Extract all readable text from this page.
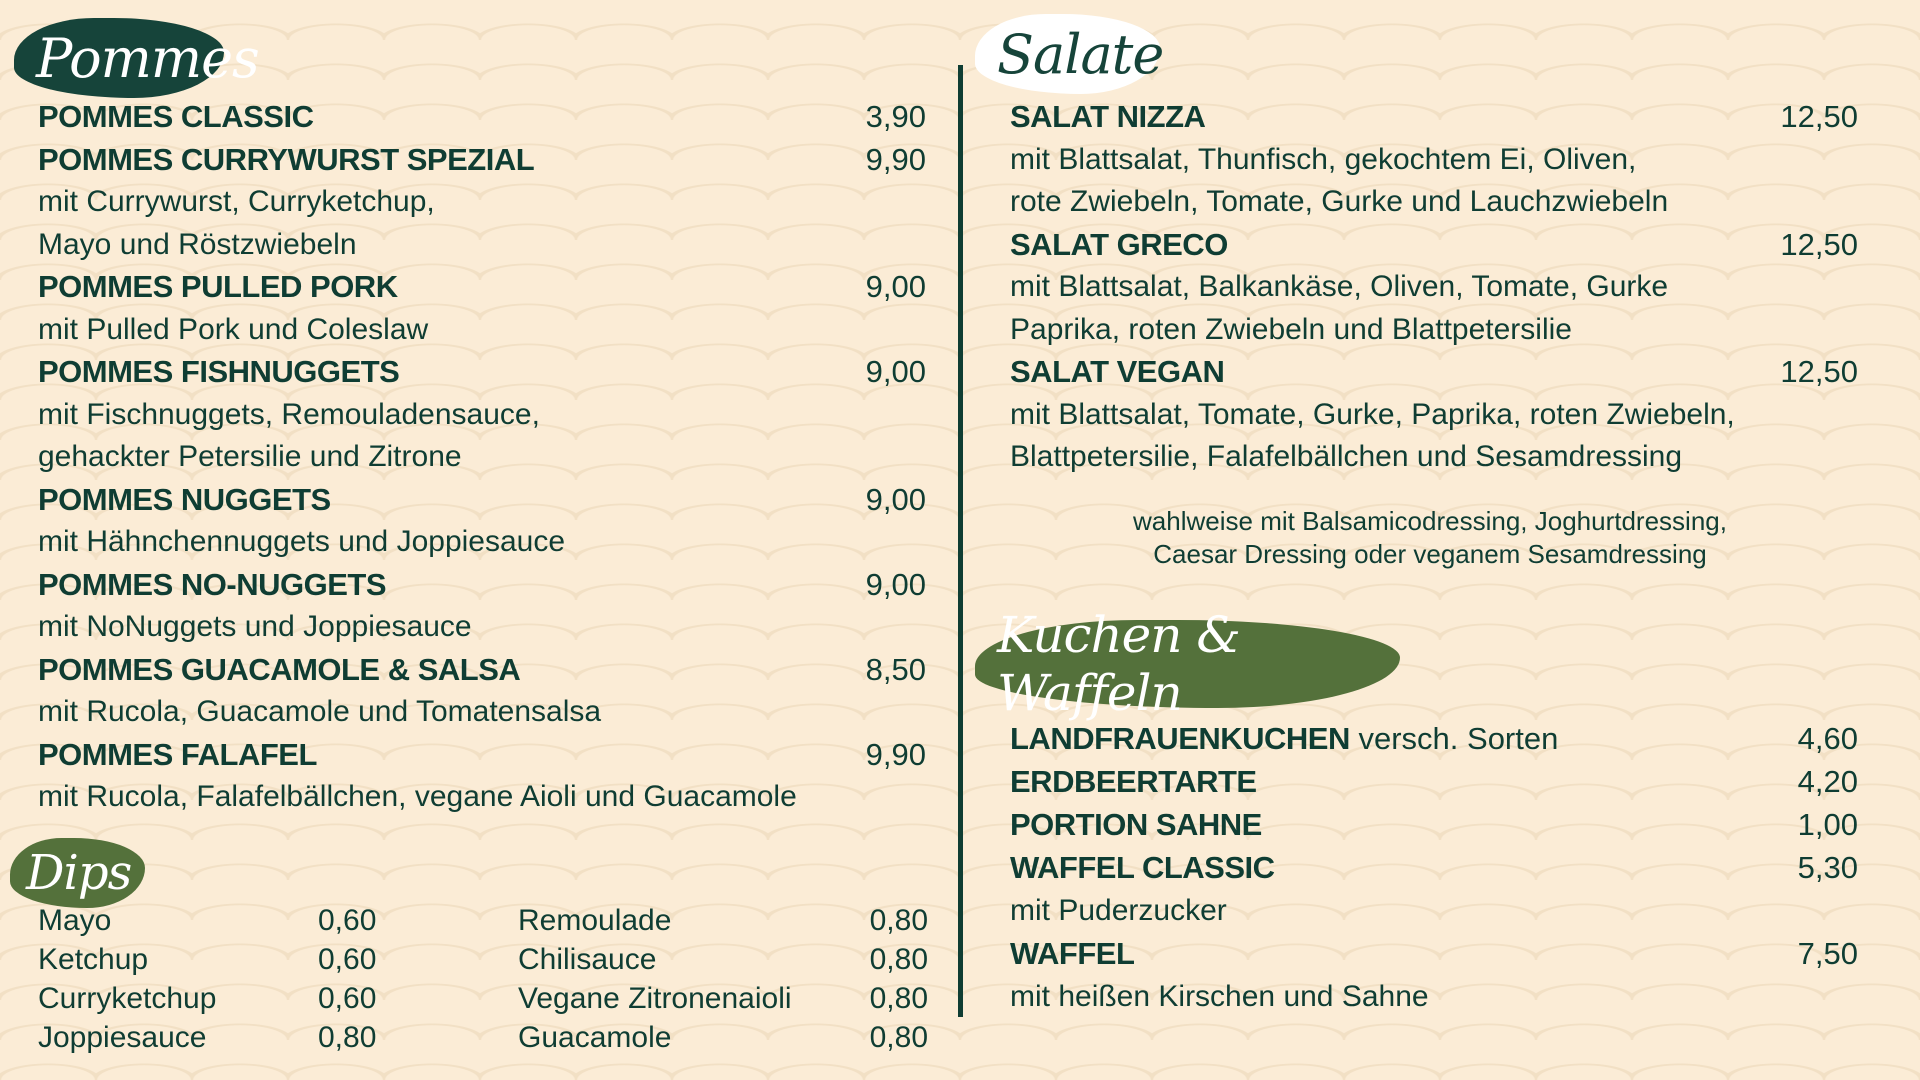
Pommes
POMMES CLASSIC	3,90
POMMES CURRYWURST SPEZIAL	9,90
mit Currywurst, Curryketchup,
Mayo und Röstzwiebeln
POMMES PULLED PORK	9,00
mit Pulled Pork und Coleslaw
POMMES FISHNUGGETS	9,00
mit Fischnuggets, Remouladensauce,
gehackter Petersilie und Zitrone
POMMES NUGGETS	9,00
mit Hähnchennuggets und Joppiesauce
POMMES NO-NUGGETS	9,00
mit NoNuggets und Joppiesauce
POMMES GUACAMOLE & SALSA	8,50
mit Rucola, Guacamole und Tomatensalsa
POMMES FALAFEL	9,90
mit Rucola, Falafelbällchen, vegane Aioli und Guacamole
Dips
Mayo	0,60	Remoulade	0,80
Ketchup	0,60	Chilisauce	0,80
Curryketchup	0,60	Vegane Zitronenaioli	0,80
Joppiesauce	0,80	Guacamole	0,80
Salate
SALAT NIZZA	12,50
mit Blattsalat, Thunfisch, gekochtem Ei, Oliven,
rote Zwiebeln, Tomate, Gurke und Lauchzwiebeln
SALAT GRECO	12,50
mit Blattsalat, Balkankäse, Oliven, Tomate, Gurke
Paprika, roten Zwiebeln und Blattpetersilie
SALAT VEGAN	12,50
mit Blattsalat, Tomate, Gurke, Paprika, roten Zwiebeln,
Blattpetersilie, Falafelbällchen und Sesamdressing
wahlweise mit Balsamicodressing, Joghurtdressing,
Caesar Dressing oder veganem Sesamdressing
Kuchen & Waffeln
LANDFRAUENKUCHEN versch. Sorten	4,60
ERDBEERTARTE	4,20
PORTION SAHNE	1,00
WAFFEL CLASSIC	5,30
mit Puderzucker
WAFFEL	7,50
mit heißen Kirschen und Sahne
